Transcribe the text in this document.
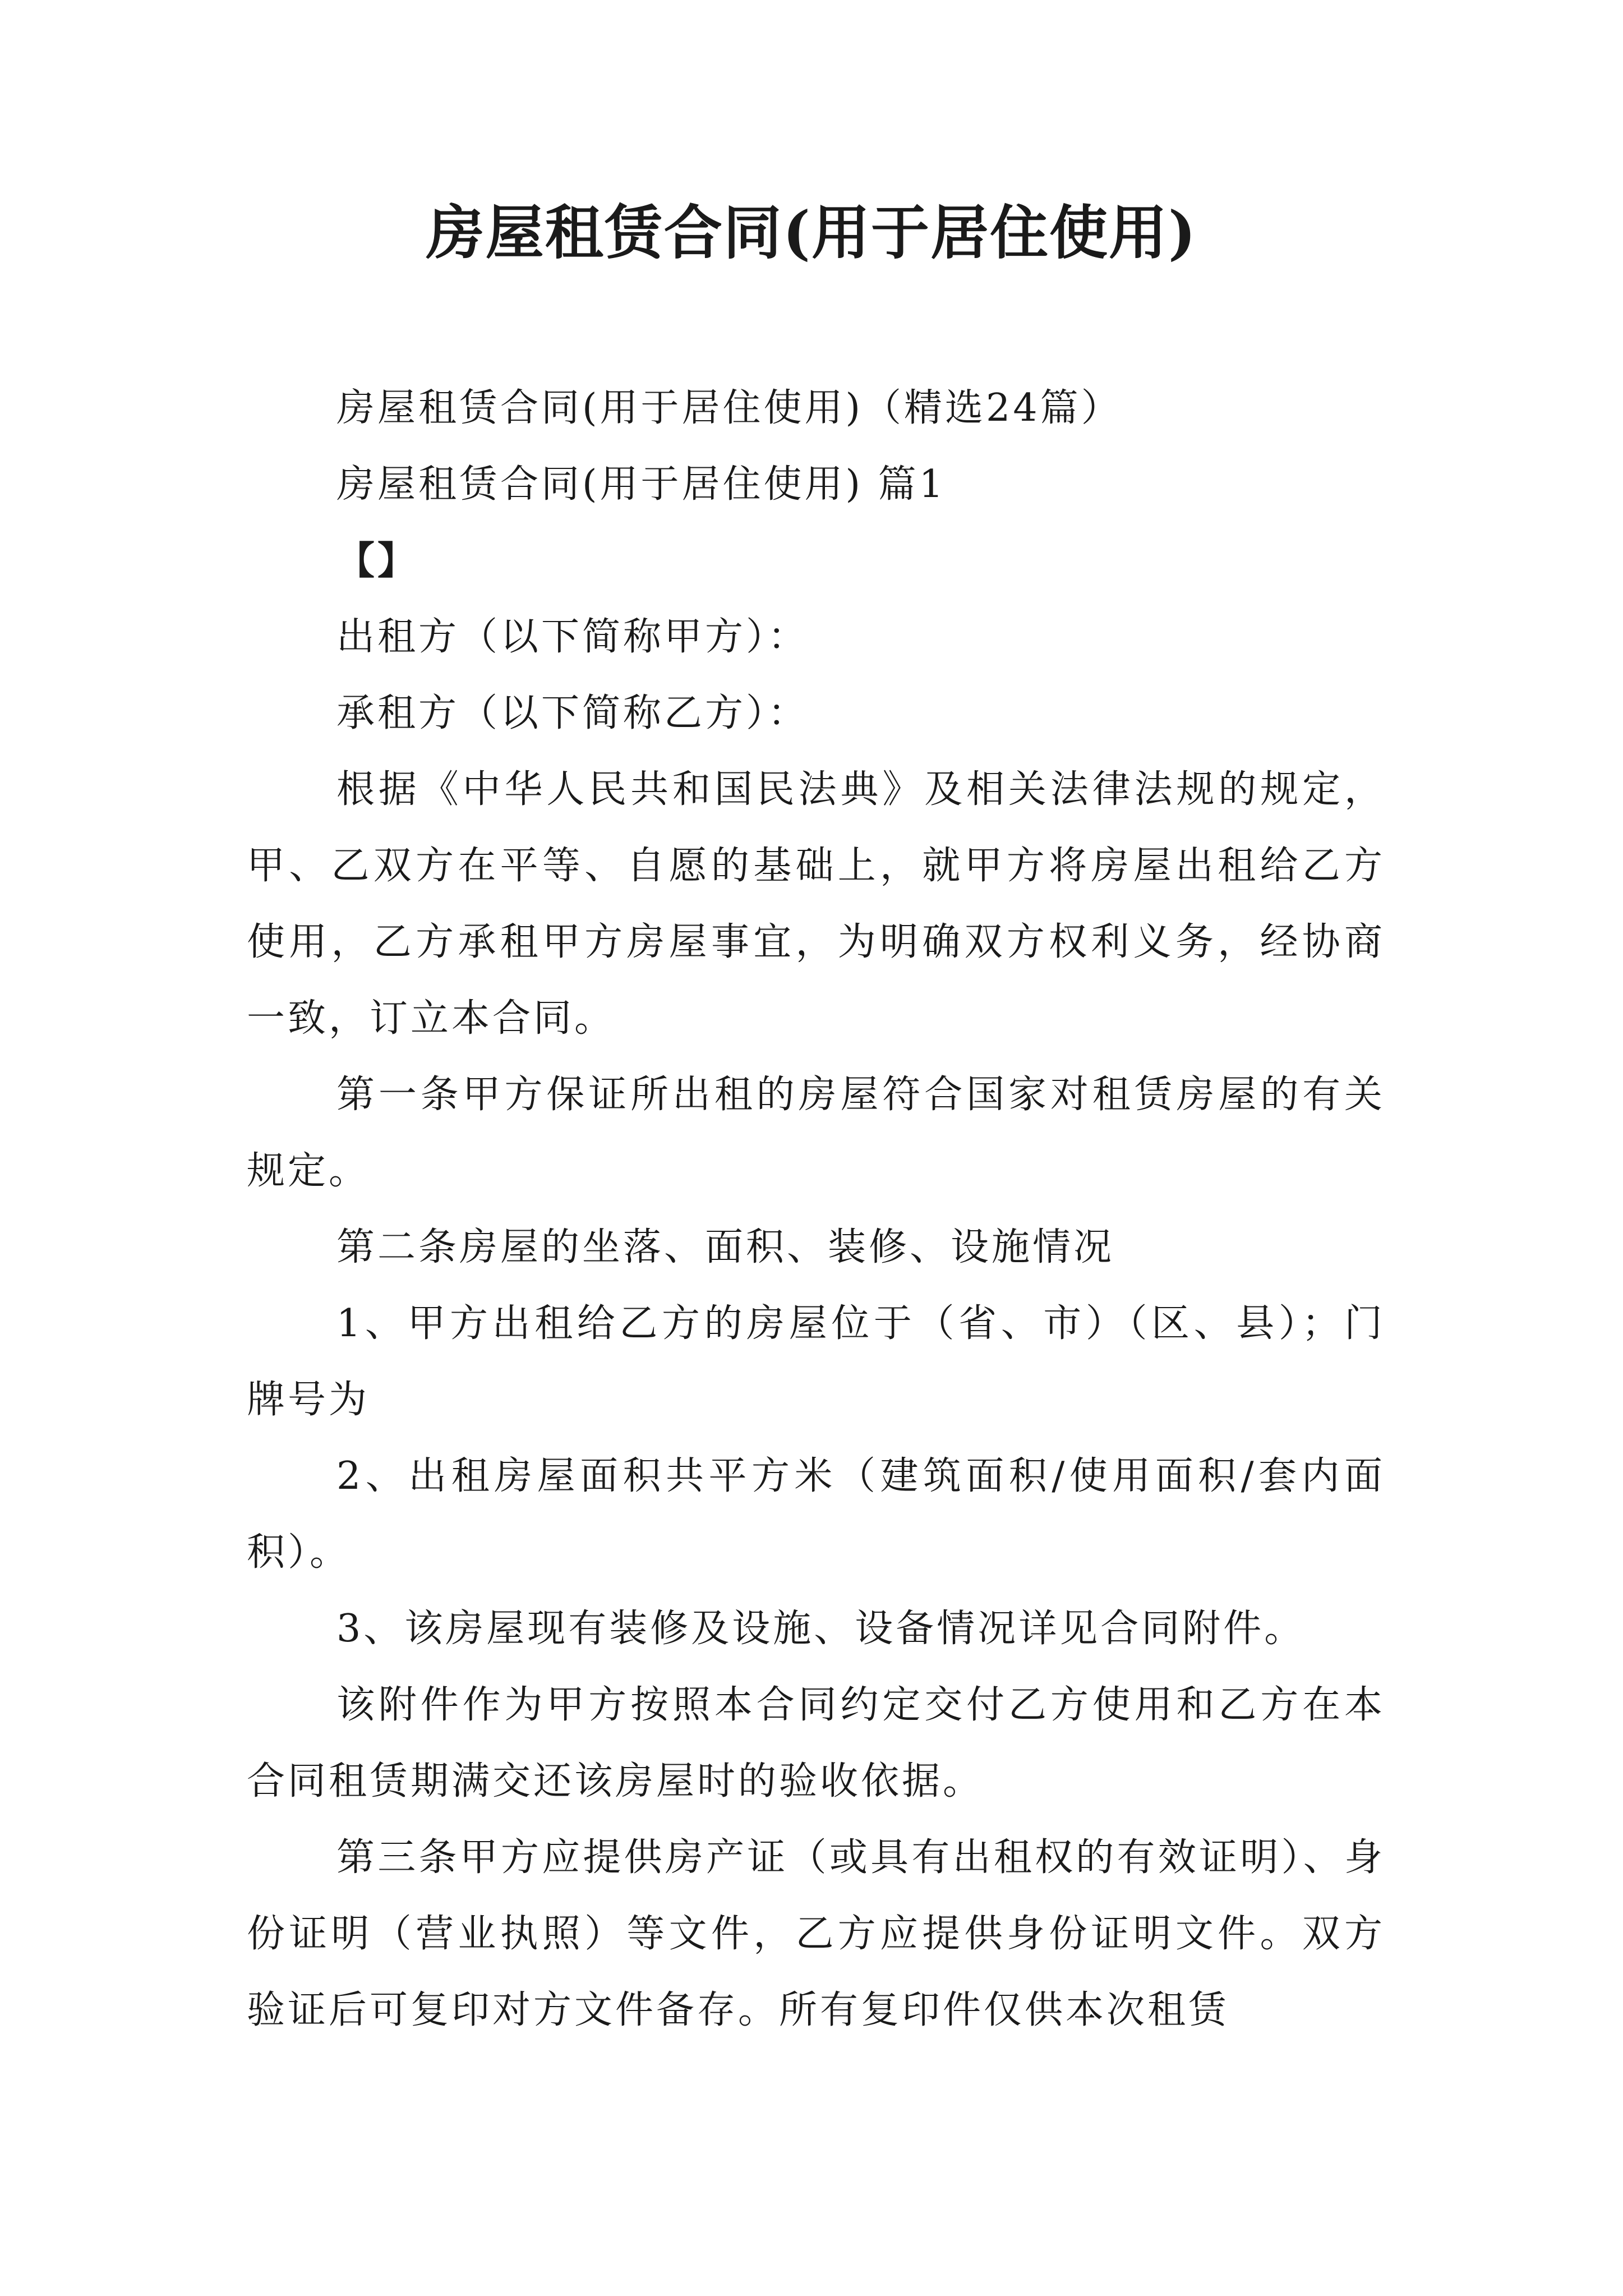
房屋租赁合同(用于居住使用)

房屋租赁合同(用于居住使用)（精选24篇）

房屋租赁合同(用于居住使用) 篇1

【】

出租方（以下简称甲方）：

承租方（以下简称乙方）：

根据《中华人民共和国民法典》及相关法律法规的规定，甲、乙双方在平等、自愿的基础上，就甲方将房屋出租给乙方使用，乙方承租甲方房屋事宜，为明确双方权利义务，经协商一致，订立本合同。

第一条甲方保证所出租的房屋符合国家对租赁房屋的有关规定。

第二条房屋的坐落、面积、装修、设施情况

1、甲方出租给乙方的房屋位于（省、市）（区、县）；门牌号为

2、出租房屋面积共平方米（建筑面积/使用面积/套内面积）。

3、该房屋现有装修及设施、设备情况详见合同附件。

该附件作为甲方按照本合同约定交付乙方使用和乙方在本合同租赁期满交还该房屋时的验收依据。

第三条甲方应提供房产证（或具有出租权的有效证明）、身份证明（营业执照）等文件，乙方应提供身份证明文件。双方验证后可复印对方文件备存。所有复印件仅供本次租赁
